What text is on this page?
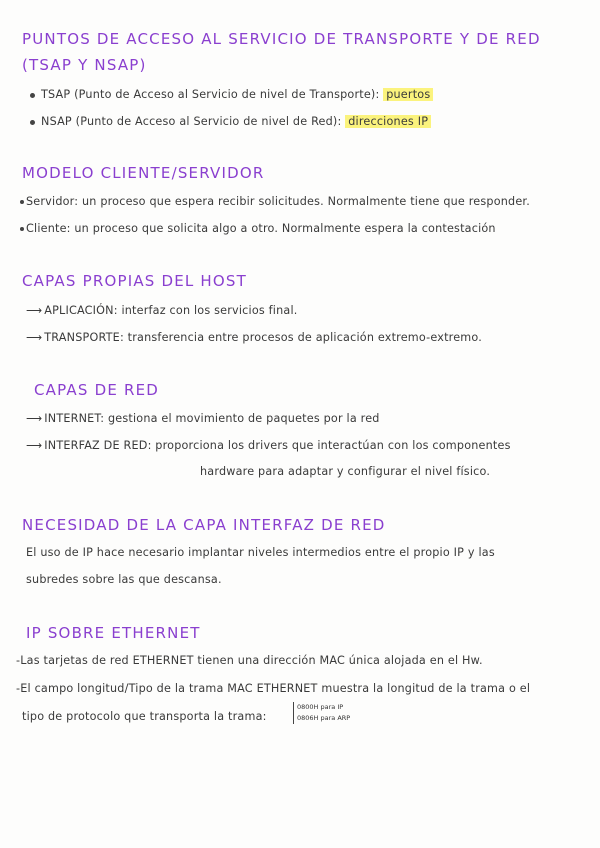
PUNTOS DE ACCESO AL SERVICIO DE TRANSPORTE Y DE RED
(TSAP Y NSAP)
TSAP (Punto de Acceso al Servicio de nivel de Transporte): puertos
NSAP (Punto de Acceso al Servicio de nivel de Red): direcciones IP
MODELO CLIENTE/SERVIDOR
Servidor: un proceso que espera recibir solicitudes. Normalmente tiene que responder.
Cliente: un proceso que solicita algo a otro. Normalmente espera la contestación
CAPAS PROPIAS DEL HOST
⟶ APLICACIÓN: interfaz con los servicios final.
⟶ TRANSPORTE: transferencia entre procesos de aplicación extremo-extremo.
CAPAS DE RED
⟶ INTERNET: gestiona el movimiento de paquetes por la red
⟶ INTERFAZ DE RED: proporciona los drivers que interactúan con los componentes
hardware para adaptar y configurar el nivel físico.
NECESIDAD DE LA CAPA INTERFAZ DE RED
El uso de IP hace necesario implantar niveles intermedios entre el propio IP y las
subredes sobre las que descansa.
IP SOBRE ETHERNET
-Las tarjetas de red ETHERNET tienen una dirección MAC única alojada en el Hw.
-El campo longitud/Tipo de la trama MAC ETHERNET muestra la longitud de la trama o el
tipo de protocolo que transporta la trama:
0800H para IP
0806H para ARP
